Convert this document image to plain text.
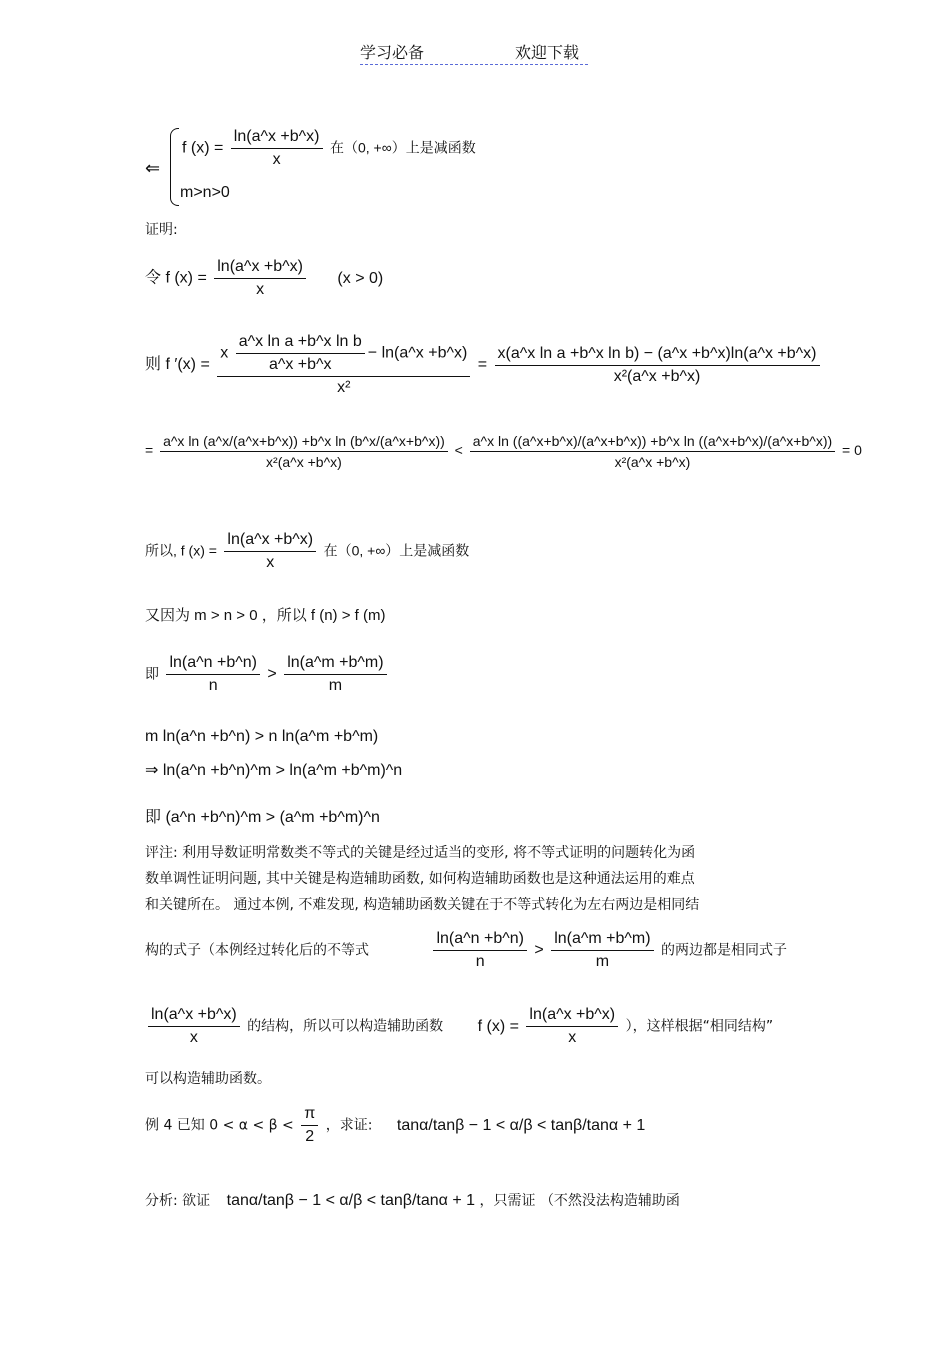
学习必备	欢迎下载
⇐
f $(x) = \frac{\ln(a\^{}x +b\^{}x)}{x}$ 在（0, +∞）上是减函数
m>n>0
证明:
令 f $(x) = \frac{\ln(a\^{}x +b\^{}x)}{x} (x > 0)$
则 f $'(x) = \frac{x \frac{\text{a\textasciicircum{}x ln a +b\textasciicircum{}x ln b}}{a\^{}x +b\^{}x} - \ln(a\^{}x +b\^{}x)}{\text{x²}} = \frac{\text{x(a\textasciicircum{}x ln a +b\textasciicircum{}x ln b) − (a\textasciicircum{}x +b\textasciicircum{}x)ln(a\textasciicircum{}x +b\textasciicircum{}x)}}{\text{x²(a\textasciicircum{}x +b\textasciicircum{}x)}}$
= $\frac{\text{a\textasciicircum{}x ln (a\textasciicircum{}x/(a\textasciicircum{}x+b\textasciicircum{}x)) +b\textasciicircum{}x ln (b\textasciicircum{}x/(a\textasciicircum{}x+b\textasciicircum{}x))}}{\text{x²(a\textasciicircum{}x +b\textasciicircum{}x)}} < \frac{\text{a\textasciicircum{}x ln ((a\textasciicircum{}x+b\textasciicircum{}x)/(a\textasciicircum{}x+b\textasciicircum{}x)) +b\textasciicircum{}x ln ((a\textasciicircum{}x+b\textasciicircum{}x)/(a\textasciicircum{}x+b\textasciicircum{}x))}}{\text{x²(a\textasciicircum{}x +b\textasciicircum{}x)}} = 0$
所以, f $(x) = \frac{\ln(a\^{}x +b\^{}x)}{x}$ 在（0, +∞）上是减函数
又因为 m > n > 0 ，所以 f (n) > f (m)
即 $\frac{\ln(a\^{}n +b\^{}n)}{n} > \frac{\ln(a\^{}m +b\^{}m)}{m}$
m ln(a^n +b^n) > n ln(a^m +b^m)
⇒ ln(a^n +b^n)^m > ln(a^m +b^m)^n
即 (a^n +b^n)^m > (a^m +b^m)^n
评注: 利用导数证明常数类不等式的关键是经过适当的变形, 将不等式证明的问题转化为函
数单调性证明问题, 其中关键是构造辅助函数, 如何构造辅助函数也是这种通法运用的难点
和关键所在。 通过本例, 不难发现, 构造辅助函数关键在于不等式转化为左右两边是相同结
构的式子（本例经过转化后的不等式	$\frac{\ln(a\^{}n +b\^{}n)}{n} > \frac{\ln(a\^{}m +b\^{}m)}{m}$ 的两边都是相同式子
$\frac{\ln(a\^{}x +b\^{}x)}{x}$ 的结构，所以可以构造辅助函数 f $(x) = \frac{\ln(a\^{}x +b\^{}x)}{x}$ ），这样根据“相同结构”
可以构造辅助函数。
例 4 已知 $0 < \alpha < \beta < \frac{\pi}{2}$ ，求证: tanα/tanβ − 1 < α/β < tanβ/tanα + 1
分析: 欲证 tanα/tanβ − 1 < α/β < tanβ/tanα + 1 ，只需证 （不然没法构造辅助函
